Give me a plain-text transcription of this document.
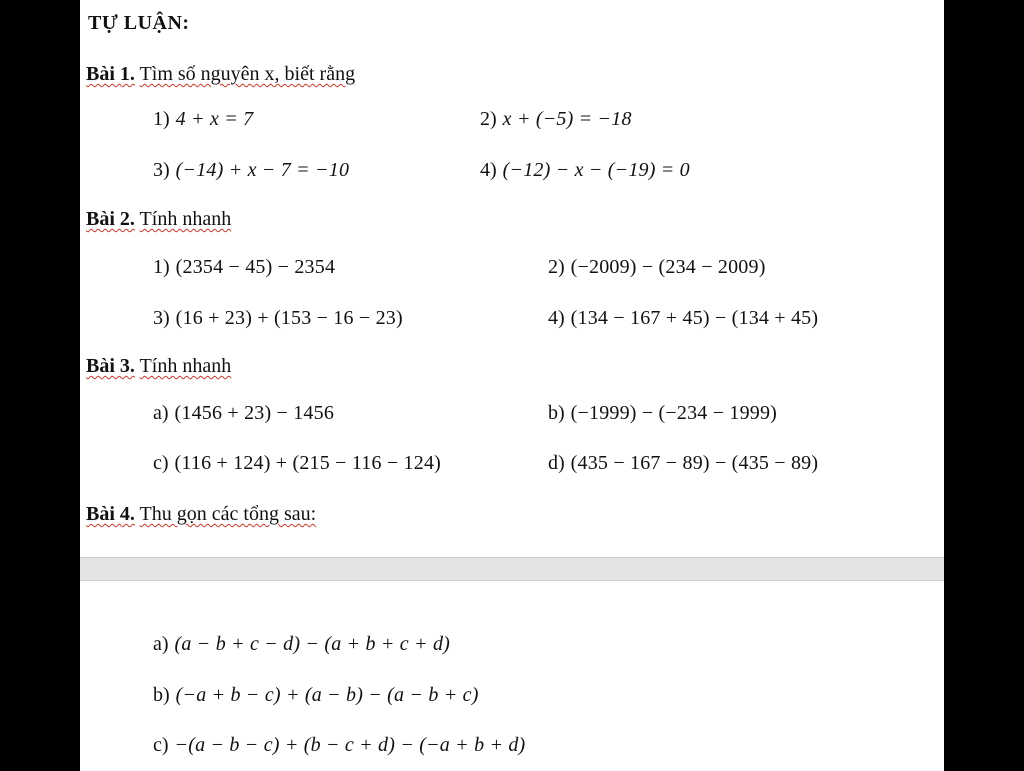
TỰ LUẬN:
Bài 1. Tìm số nguyên x, biết rằng
1) 4 + x = 7	2) x + (−5) = −18
3) (−14) + x − 7 = −10	4) (−12) − x − (−19) = 0
Bài 2. Tính nhanh
1) (2354 − 45) − 2354	2) (−2009) − (234 − 2009)
3) (16 + 23) + (153 − 16 − 23)	4) (134 − 167 + 45) − (134 + 45)
Bài 3. Tính nhanh
a) (1456 + 23) − 1456	b) (−1999) − (−234 − 1999)
c) (116 + 124) + (215 − 116 − 124)	d) (435 − 167 − 89) − (435 − 89)
Bài 4. Thu gọn các tổng sau:
a) (a − b + c − d) − (a + b + c + d)
b) (−a + b − c) + (a − b) − (a − b + c)
c) −(a − b − c) + (b − c + d) − (−a + b + d)
